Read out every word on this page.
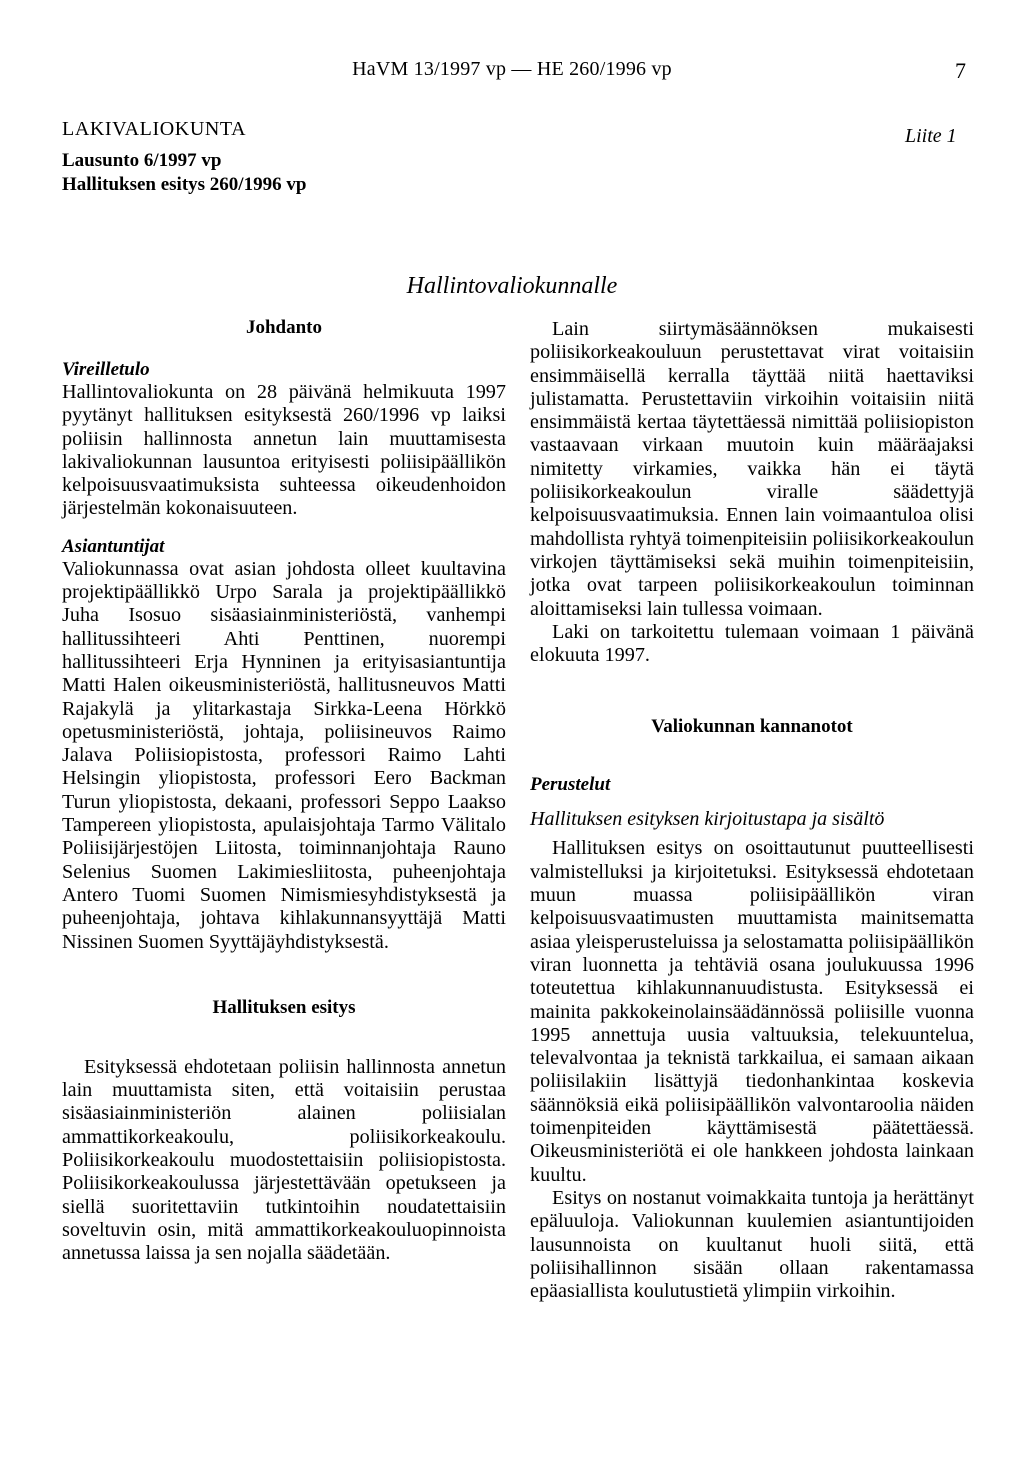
HaVM 13/1997 vp — HE 260/1996 vp	7
LAKIVALIOKUNTA
Lausunto 6/1997 vp
Hallituksen esitys 260/1996 vp
Liite 1
Hallintovaliokunnalle
Johdanto
Vireilletulo

Hallintovaliokunta on 28 päivänä helmikuuta 1997 pyytänyt hallituksen esityksestä 260/1996 vp laiksi poliisin hallinnosta annetun lain muuttamisesta lakivaliokunnan lausuntoa erityisesti poliisipäällikön kelpoisuusvaatimuksista suhteessa oikeudenhoidon järjestelmän kokonaisuuteen.

Asiantuntijat

Valiokunnassa ovat asian johdosta olleet kuultavina projektipäällikkö Urpo Sarala ja projektipäällikkö Juha Isosuo sisäasiainministeriöstä, vanhempi hallitussihteeri Ahti Penttinen, nuorempi hallitussihteeri Erja Hynninen ja erityisasiantuntija Matti Halen oikeusministeriöstä, hallitusneuvos Matti Rajakylä ja ylitarkastaja Sirkka-Leena Hörkkö opetusministeriöstä, johtaja, poliisineuvos Raimo Jalava Poliisiopistosta, professori Raimo Lahti Helsingin yliopistosta, professori Eero Backman Turun yliopistosta, dekaani, professori Seppo Laakso Tampereen yliopistosta, apulaisjohtaja Tarmo Välitalo Poliisijärjestöjen Liitosta, toiminnanjohtaja Rauno Selenius Suomen Lakimiesliitosta, puheenjohtaja Antero Tuomi Suomen Nimismiesyhdistyksestä ja puheenjohtaja, johtava kihlakunnansyyttäjä Matti Nissinen Suomen Syyttäjäyhdistyksestä.

Hallituksen esitys

Esityksessä ehdotetaan poliisin hallinnosta annetun lain muuttamista siten, että voitaisiin perustaa sisäasiainministeriön alainen poliisialan ammattikorkeakoulu, poliisikorkeakoulu. Poliisikorkeakoulu muodostettaisiin poliisiopistosta. Poliisikorkeakoulussa järjestettävään opetukseen ja siellä suoritettaviin tutkintoihin noudatettaisiin soveltuvin osin, mitä ammattikorkeakouluopinnoista annetussa laissa ja sen nojalla säädetään.

Lain siirtymäsäännöksen mukaisesti poliisikorkeakouluun perustettavat virat voitaisiin ensimmäisellä kerralla täyttää niitä haettaviksi julistamatta. Perustettaviin virkoihin voitaisiin niitä ensimmäistä kertaa täytettäessä nimittää poliisiopiston vastaavaan virkaan muutoin kuin määräajaksi nimitetty virkamies, vaikka hän ei täytä poliisikorkeakoulun viralle säädettyjä kelpoisuusvaatimuksia. Ennen lain voimaantuloa olisi mahdollista ryhtyä toimenpiteisiin poliisikorkeakoulun virkojen täyttämiseksi sekä muihin toimenpiteisiin, jotka ovat tarpeen poliisikorkeakoulun toiminnan aloittamiseksi lain tullessa voimaan.

Laki on tarkoitettu tulemaan voimaan 1 päivänä elokuuta 1997.

Valiokunnan kannanotot
Perustelut
Hallituksen esityksen kirjoitustapa ja sisältö

Hallituksen esitys on osoittautunut puutteellisesti valmistelluksi ja kirjoitetuksi. Esityksessä ehdotetaan muun muassa poliisipäällikön viran kelpoisuusvaatimusten muuttamista mainitsematta asiaa yleisperusteluissa ja selostamatta poliisipäällikön viran luonnetta ja tehtäviä osana joulukuussa 1996 toteutettua kihlakunnanuudistusta. Esityksessä ei mainita pakkokeinolainsäädännössä poliisille vuonna 1995 annettuja uusia valtuuksia, telekuuntelua, televalvontaa ja teknistä tarkkailua, ei samaan aikaan poliisilakiin lisättyjä tiedonhankintaa koskevia säännöksiä eikä poliisipäällikön valvontaroolia näiden toimenpiteiden käyttämisestä päätettäessä. Oikeusministeriötä ei ole hankkeen johdosta lainkaan kuultu.

Esitys on nostanut voimakkaita tuntoja ja herättänyt epäluuloja. Valiokunnan kuulemien asiantuntijoiden lausunnoista on kuultanut huoli siitä, että poliisihallinnon sisään ollaan rakentamassa epäasiallista koulutustietä ylimpiin virkoihin.
